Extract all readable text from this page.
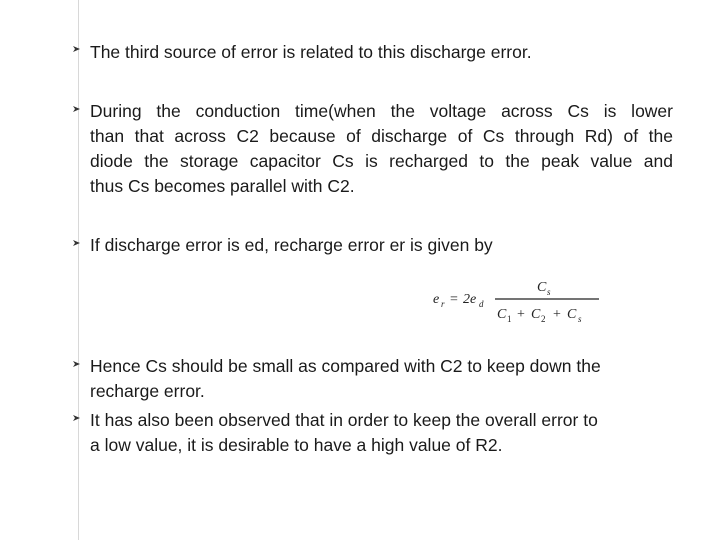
The third source of error is related to this discharge error.
During the conduction time(when the voltage across Cs is lower
than that across C2 because of discharge of Cs through Rd) of the
diode the storage capacitor Cs is recharged to the peak value and
thus Cs becomes parallel with C2.
If discharge error is ed, recharge error er is given by
e r = 2e d
C s
C 1 + C 2 + C s
Hence Cs should be small as compared with C2 to keep down the
recharge error.
It has also been observed that in order to keep the overall error to
a low value, it is desirable to have a high value of R2.
